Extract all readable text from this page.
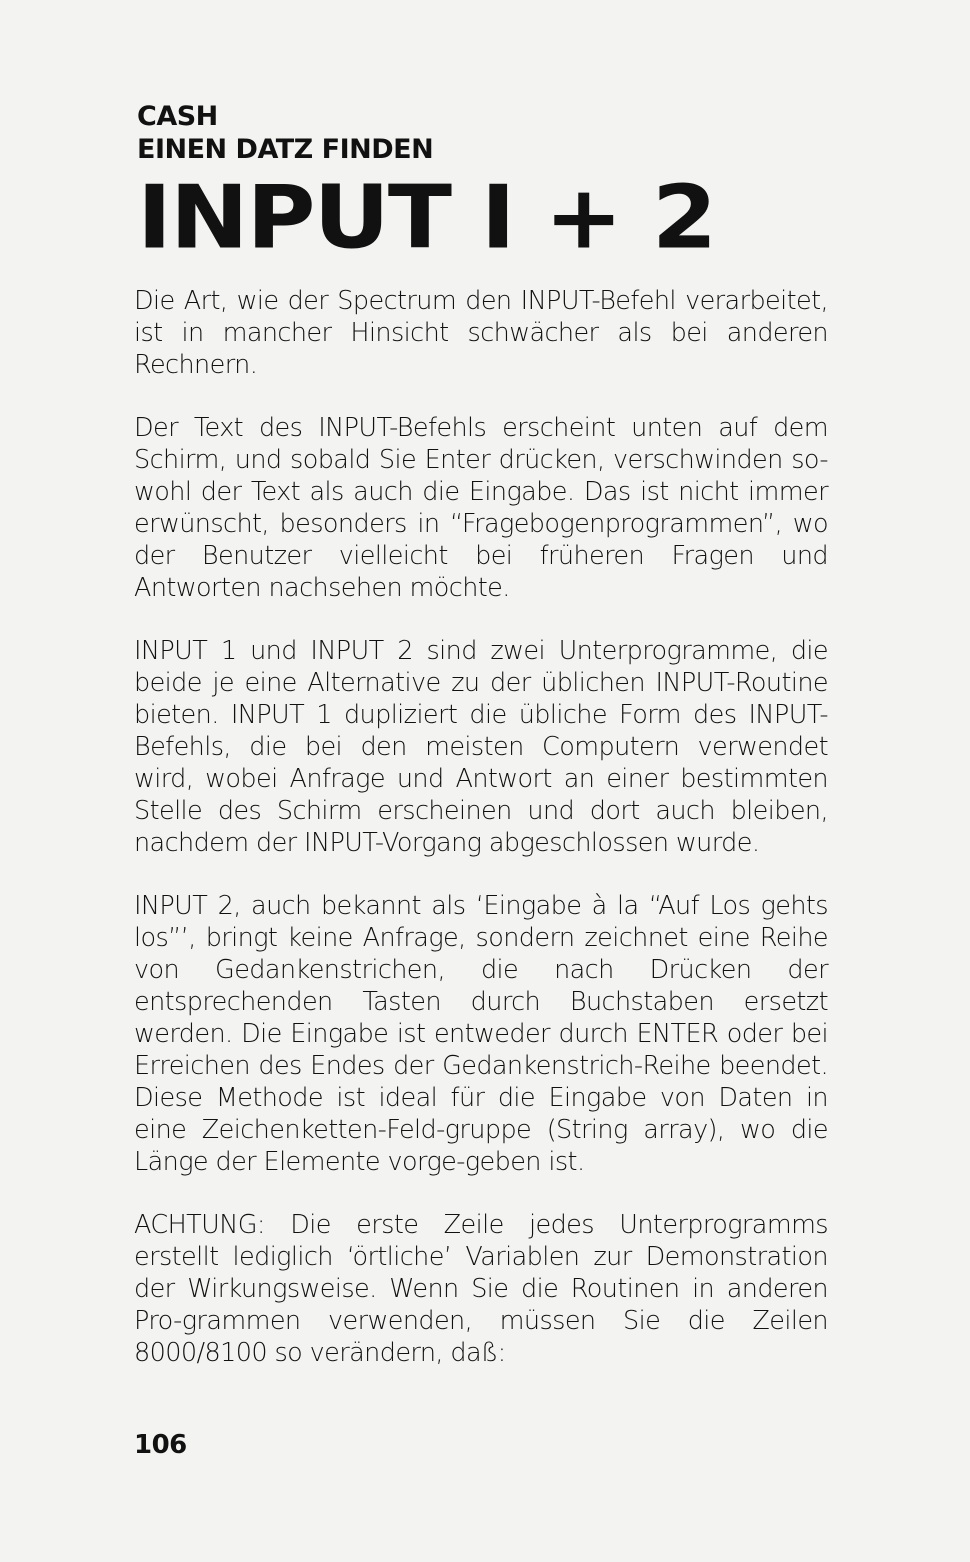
CASH
EINEN DATZ FINDEN
INPUT I + 2

Die Art, wie der Spectrum den INPUT-Befehl verarbeitet, ist in mancher Hinsicht schwächer als bei anderen Rechnern.

Der Text des INPUT-Befehls erscheint unten auf dem Schirm, und sobald Sie Enter drücken, verschwinden so-wohl der Text als auch die Eingabe. Das ist nicht immer erwünscht, besonders in “Fragebogenprogrammen”, wo der Benutzer vielleicht bei früheren Fragen und Antworten nachsehen möchte.

INPUT 1 und INPUT 2 sind zwei Unterprogramme, die beide je eine Alternative zu der üblichen INPUT-Routine bieten. INPUT 1 dupliziert die übliche Form des INPUT-Befehls, die bei den meisten Computern verwendet wird, wobei Anfrage und Antwort an einer bestimmten Stelle des Schirm erscheinen und dort auch bleiben, nachdem der INPUT-Vorgang abgeschlossen wurde.

INPUT 2, auch bekannt als ‘Eingabe à la “Auf Los gehts los”’, bringt keine Anfrage, sondern zeichnet eine Reihe von Gedankenstrichen, die nach Drücken der entsprechenden Tasten durch Buchstaben ersetzt werden. Die Eingabe ist entweder durch ENTER oder bei Erreichen des Endes der Gedankenstrich-Reihe beendet. Diese Methode ist ideal für die Eingabe von Daten in eine Zeichenketten-Feld-gruppe (String array), wo die Länge der Elemente vorge-geben ist.

ACHTUNG: Die erste Zeile jedes Unterprogramms erstellt lediglich ‘örtliche’ Variablen zur Demonstration der Wirkungsweise. Wenn Sie die Routinen in anderen Pro-grammen verwenden, müssen Sie die Zeilen 8000/8100 so verändern, daß:

106
